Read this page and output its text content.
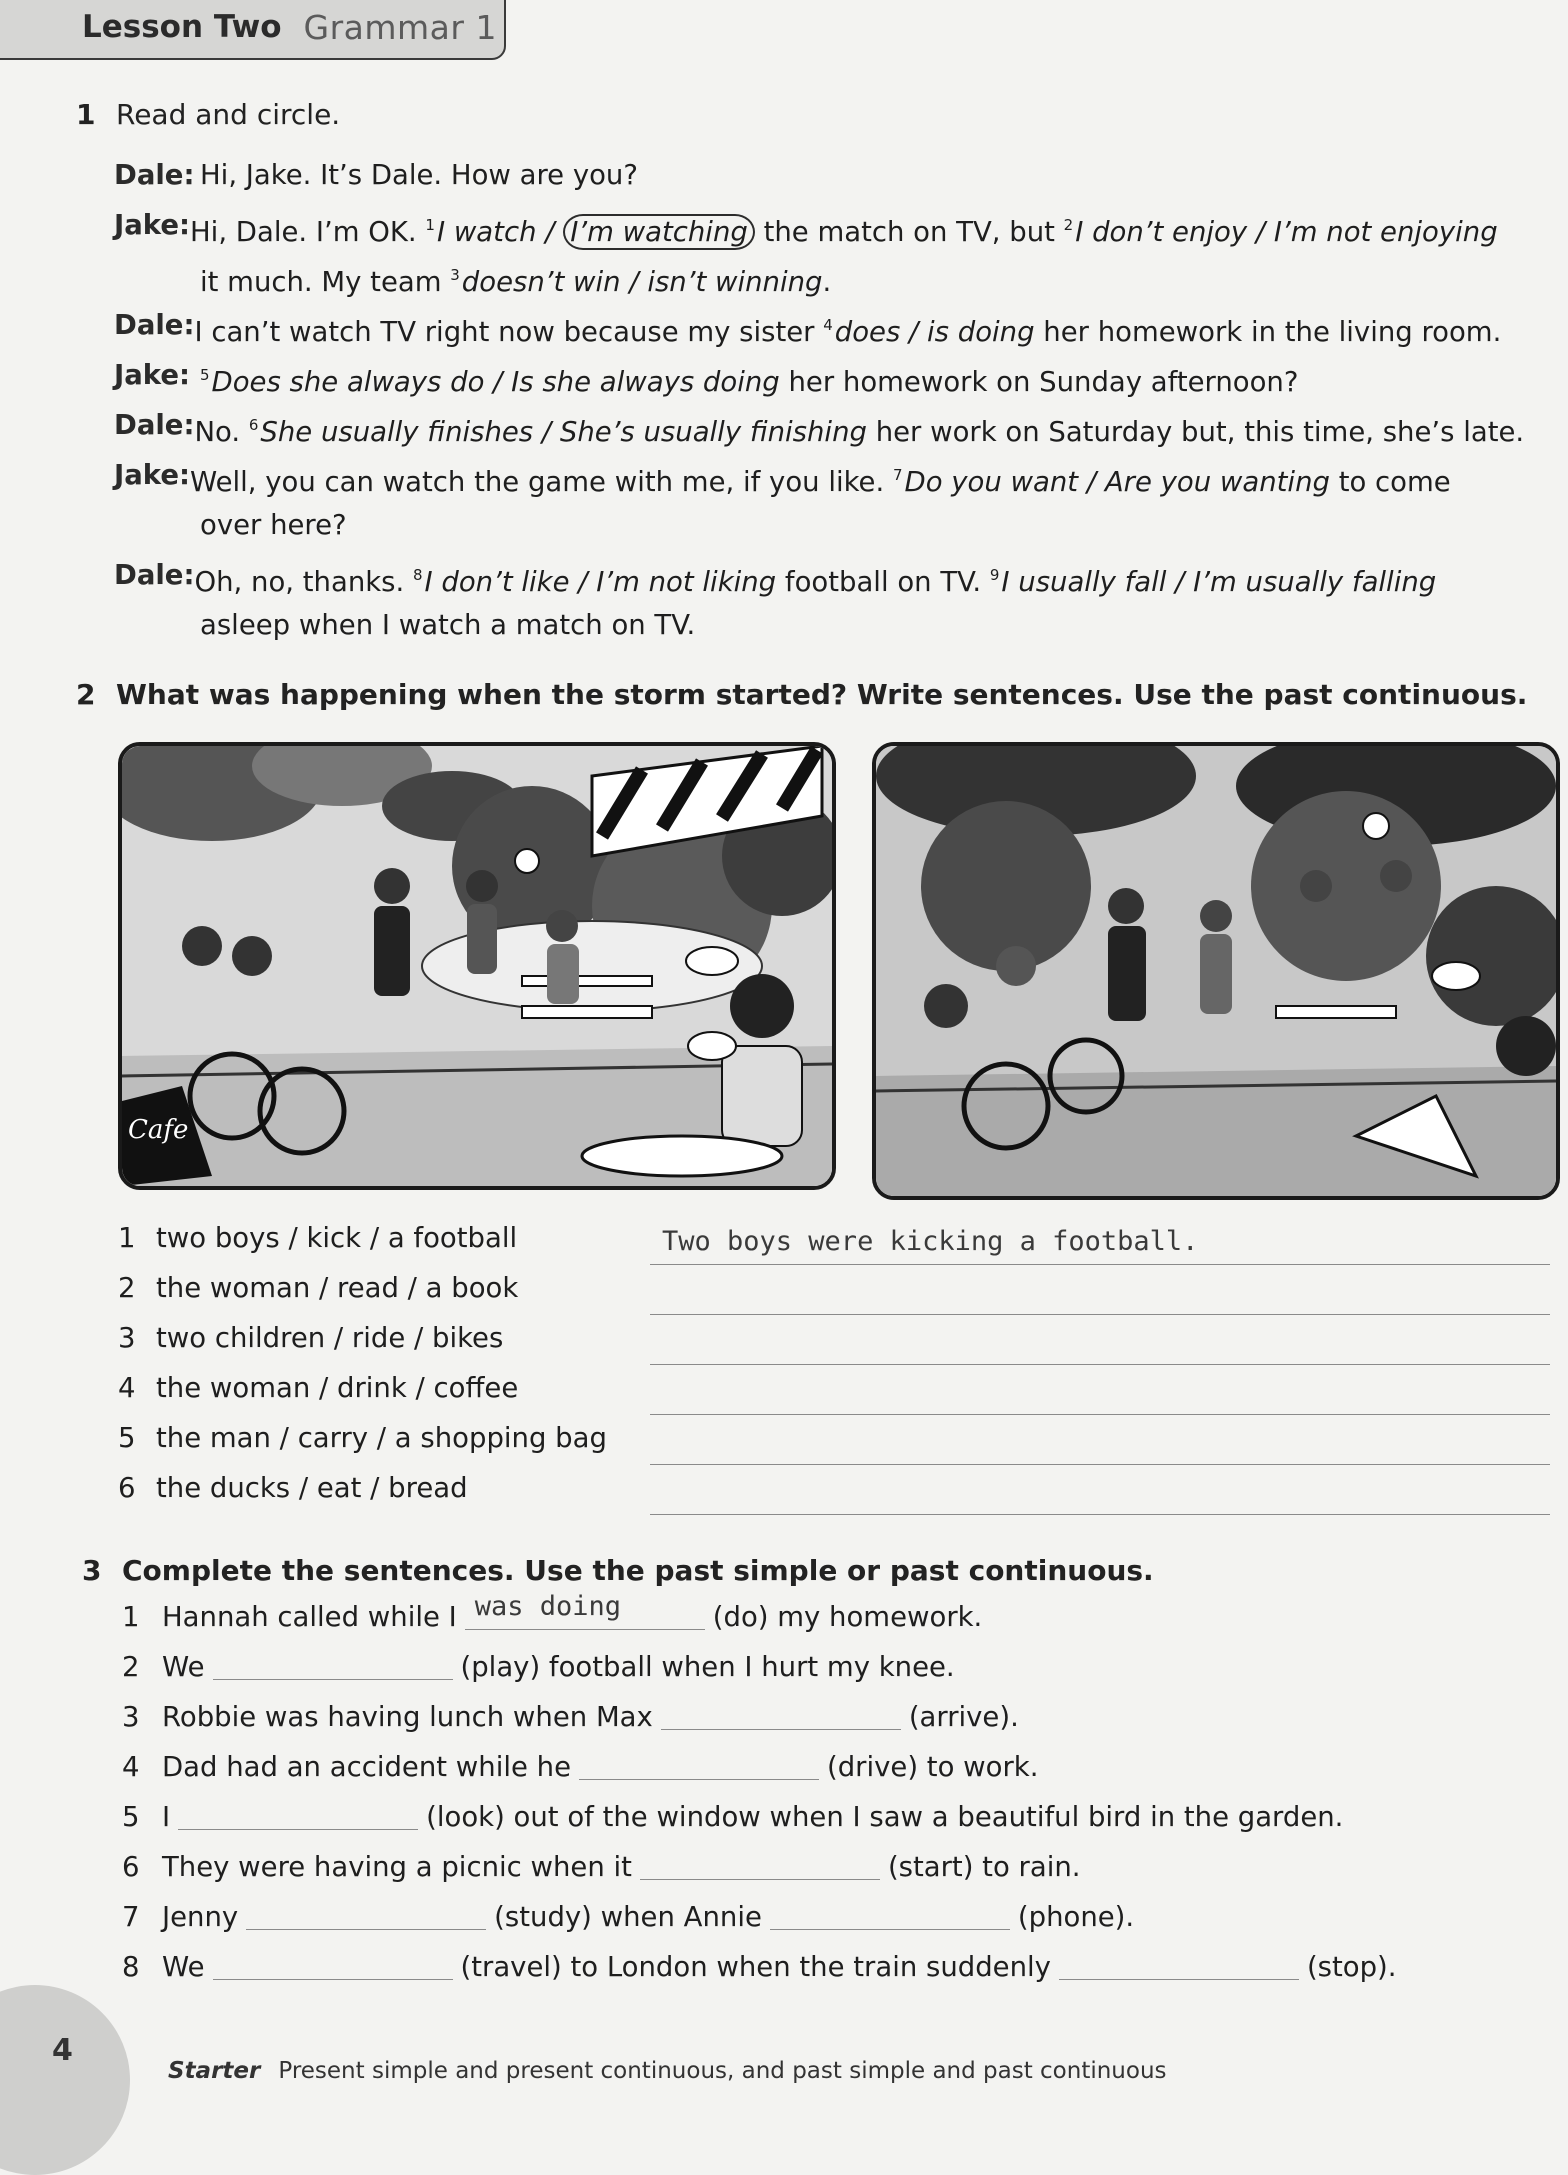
Lesson Two Grammar 1
1 Read and circle.
Dale: Hi, Jake. It’s Dale. How are you?
Jake: Hi, Dale. I’m OK. $^1$I watch / I’m watching the match on TV, but $^2$I don’t enjoy / I’m not enjoying
it much. My team $^3$doesn’t win / isn’t winning.
Dale: I can’t watch TV right now because my sister $^4$does / is doing her homework in the living room.
Jake: $^5$Does she always do / Is she always doing her homework on Sunday afternoon?
Dale: No. $^6$She usually finishes / She’s usually finishing her work on Saturday but, this time, she’s late.
Jake: Well, you can watch the game with me, if you like. $^7$Do you want / Are you wanting to come
over here?
Dale: Oh, no, thanks. $^8$I don’t like / I’m not liking football on TV. $^9$I usually fall / I’m usually falling
asleep when I watch a match on TV.
2 What was happening when the storm started? Write sentences. Use the past continuous.
Cafe
1 two boys / kick / a football
2 the woman / read / a book
3 two children / ride / bikes
4 the woman / drink / coffee
5 the man / carry / a shopping bag
6 the ducks / eat / bread
Two boys were kicking a football.
3 Complete the sentences. Use the past simple or past continuous.
1 Hannah called while I was doing	(do) my homework.
2 We	(play) football when I hurt my knee.
3 Robbie was having lunch when Max	(arrive).
4 Dad had an accident while he	(drive) to work.
5 I	(look) out of the window when I saw a beautiful bird in the garden.
6 They were having a picnic when it	(start) to rain.
7 Jenny	(study) when Annie	(phone).
8 We	(travel) to London when the train suddenly	(stop).
4
Starter Present simple and present continuous, and past simple and past continuous
